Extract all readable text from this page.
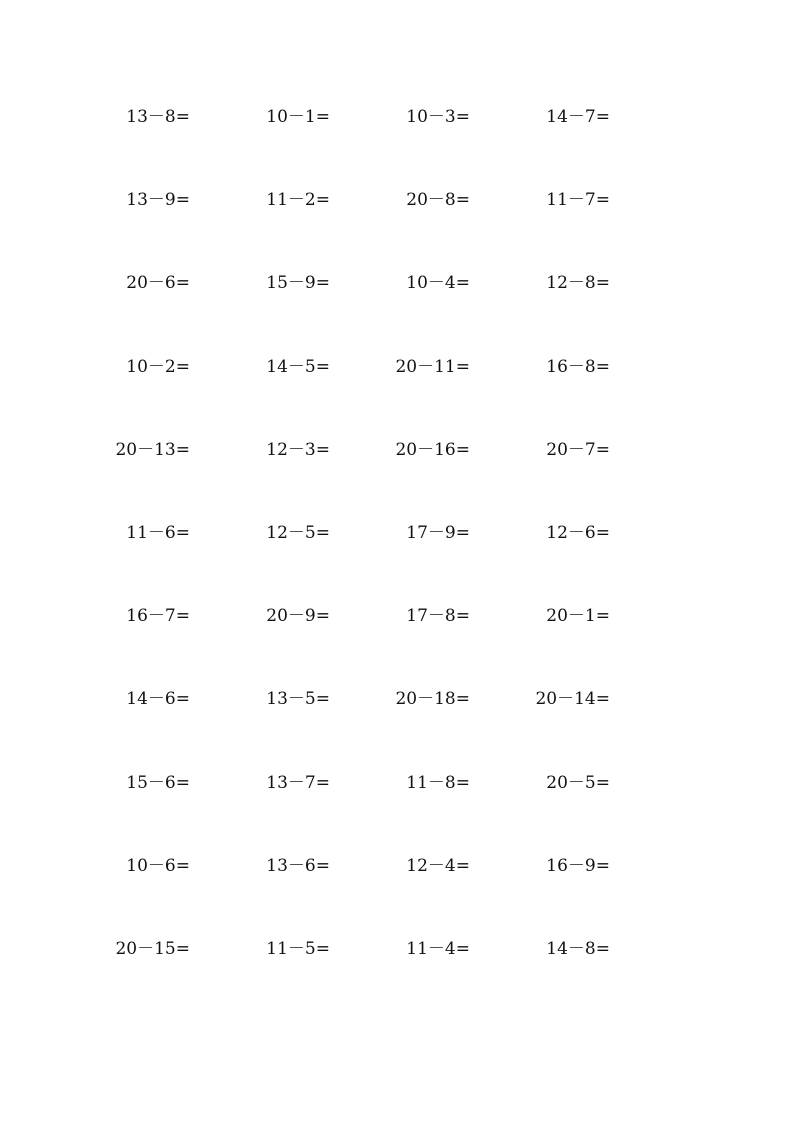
13－8=	10－1=	10－3=	14－7=
13－9=	11－2=	20－8=	11－7=
20－6=	15－9=	10－4=	12－8=
10－2=	14－5=	20－11=	16－8=
20－13=	12－3=	20－16=	20－7=
11－6=	12－5=	17－9=	12－6=
16－7=	20－9=	17－8=	20－1=
14－6=	13－5=	20－18=	20－14=
15－6=	13－7=	11－8=	20－5=
10－6=	13－6=	12－4=	16－9=
20－15=	11－5=	11－4=	14－8=
